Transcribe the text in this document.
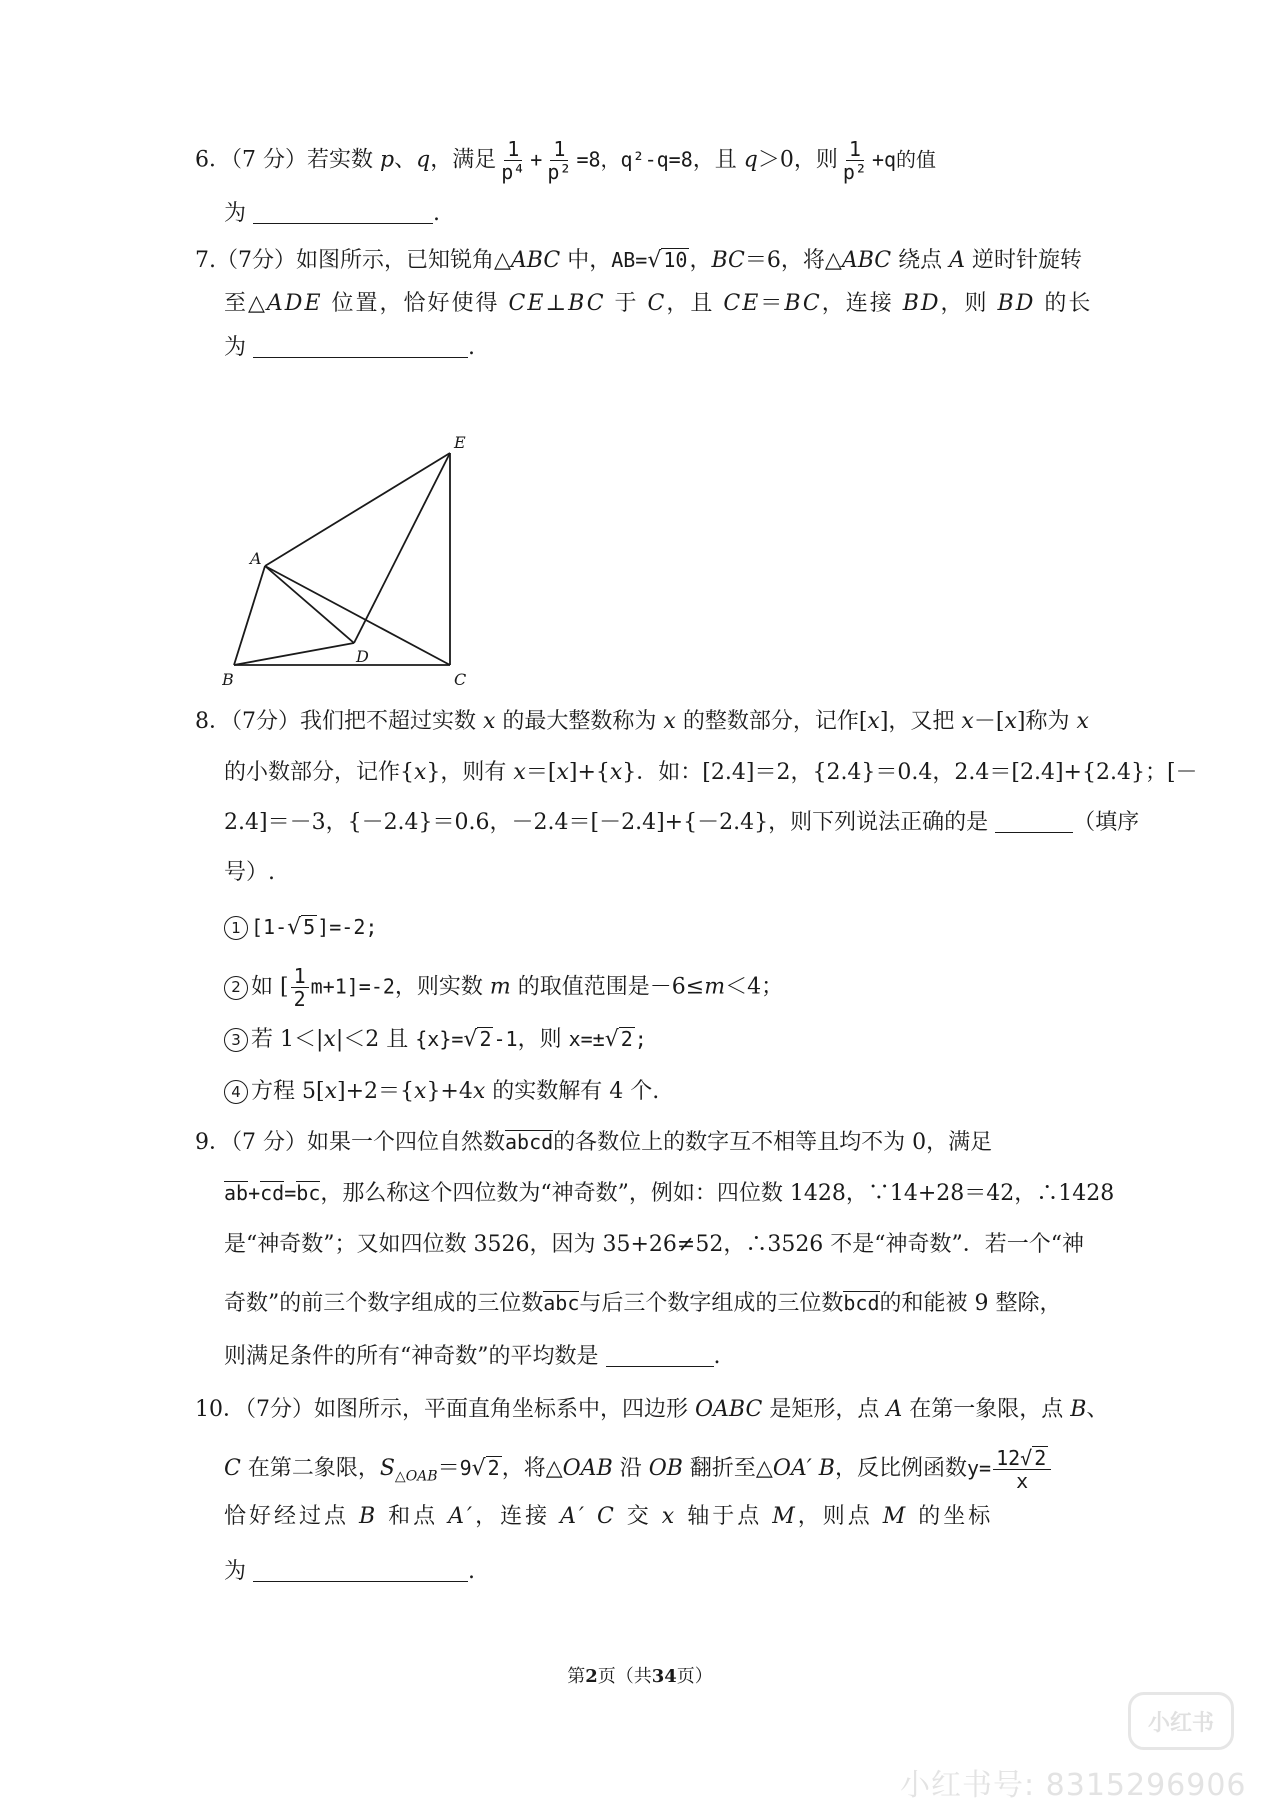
6．（7 分）若实数 p、q，满足 $\frac{1}{\text{p⁴}} + \frac{1}{\text{p²}} =8$，q²-q=8，且 q＞0，则 $\frac{1}{\text{p²}} +q$的值
为	.
7.（7分）如图所示，已知锐角△ABC 中，AB=√ 10，BC＝6，将△ABC 绕点 A 逆时针旋转
至△ADE 位置，恰好使得 CE⊥BC 于 C，且 CE＝BC，连接 BD，则 BD 的长
为	.
E
A
D
B	C
8．（7分）我们把不超过实数 x 的最大整数称为 x 的整数部分，记作[x]，又把 x－[x]称为 x
的小数部分，记作{x}，则有 x＝[x]+{x}．如：[2.4]＝2，{2.4}＝0.4，2.4＝[2.4]+{2.4}；[－
2.4]＝－3，{－2.4}＝0.6，－2.4＝[－2.4]+{－2.4}，则下列说法正确的是	（填序
号）.
1 [1-√ 5 ]=-2;
2 如 [ $\frac{1}{2} m+1]=-2$，则实数 m 的取值范围是－6≤m＜4；
3 若 1＜|x|＜2 且 {x}=√ 2 -1，则 x=±√ 2 ;
4 方程 5[x]+2＝{x}+4x 的实数解有 4 个.
9．（7 分）如果一个四位自然数abcd的各数位上的数字互不相等且均不为 0，满足
ab+cd=bc，那么称这个四位数为“神奇数”，例如：四位数 1428，∵14+28＝42，∴1428
是“神奇数”；又如四位数 3526，因为 35+26≠52，∴3526 不是“神奇数”．若一个“神
奇数”的前三个数字组成的三位数abc与后三个数字组成的三位数bcd的和能被 9 整除，
则满足条件的所有“神奇数”的平均数是	.
10．（7分）如图所示，平面直角坐标系中，四边形 OABC 是矩形，点 A 在第一象限，点 B、
C 在第二象限，$S_{\triangle OAB}=9√$ 2，将△OAB 沿 OB 翻折至△OA′ B，反比例函数$y= \frac{12√ 2}{x}$
恰好经过点 B 和点 A′，连接 A′ C 交 x 轴于点 M，则点 M 的坐标
为	.
第2页（共34页）
小红书
小红书号: 8315296906
